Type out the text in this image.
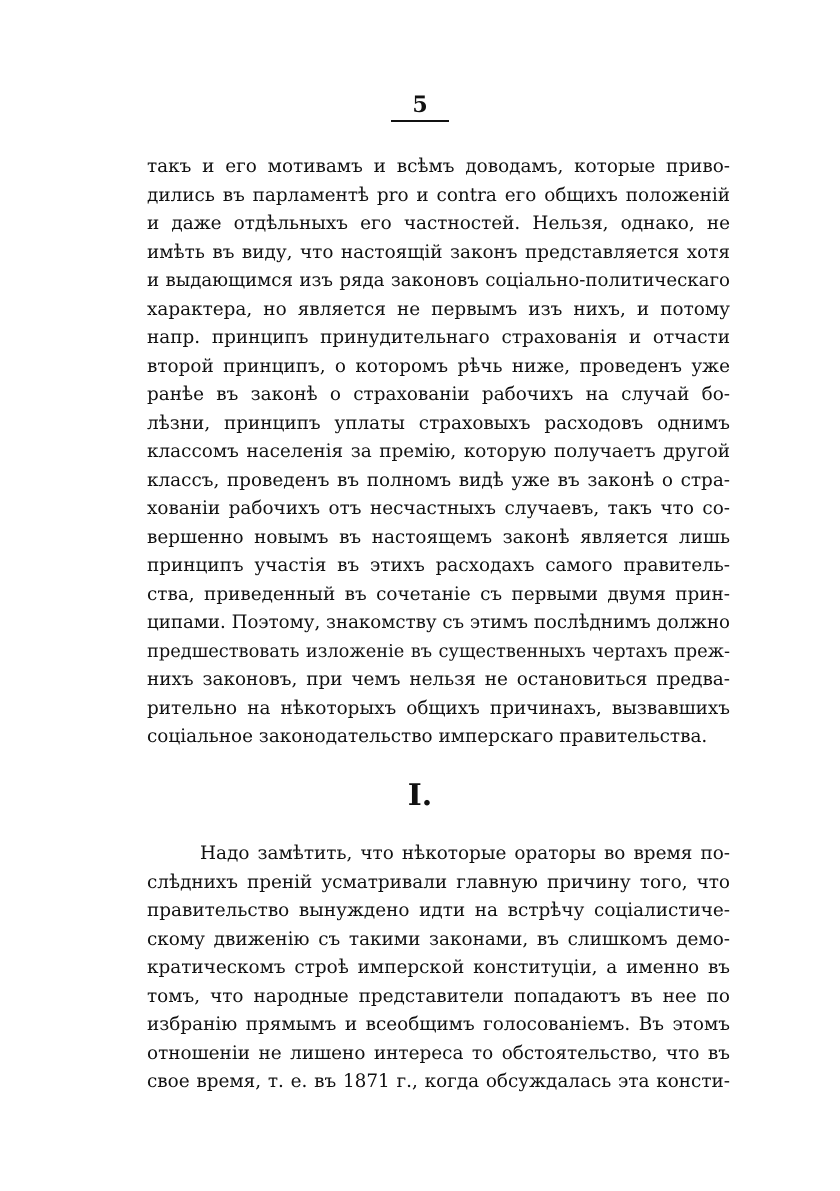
5
такъ и его мотивамъ и всѣмъ доводамъ, которые приво-
дились въ парламентѣ pro и contra его общихъ положеній
и даже отдѣльныхъ его частностей. Нельзя, однако, не
имѣть въ виду, что настоящій законъ представляется хотя
и выдающимся изъ ряда законовъ соціально-политическаго
характера, но является не первымъ изъ нихъ, и потому
напр. принципъ принудительнаго страхованія и отчасти
второй принципъ, о которомъ рѣчь ниже, проведенъ уже
ранѣе въ законѣ о страхованіи рабочихъ на случай бо-
лѣзни, принципъ уплаты страховыхъ расходовъ однимъ
классомъ населенія за премію, которую получаетъ другой
классъ, проведенъ въ полномъ видѣ уже въ законѣ о стра-
хованіи рабочихъ отъ несчастныхъ случаевъ, такъ что со-
вершенно новымъ въ настоящемъ законѣ является лишь
принципъ участія въ этихъ расходахъ самого правитель-
ства, приведенный въ сочетаніе съ первыми двумя прин-
ципами. Поэтому, знакомству съ этимъ послѣднимъ должно
предшествовать изложеніе въ существенныхъ чертахъ преж-
нихъ законовъ, при чемъ нельзя не остановиться предва-
рительно на нѣкоторыхъ общихъ причинахъ, вызвавшихъ
соціальное законодательство имперскаго правительства.
I.
Надо замѣтить, что нѣкоторые ораторы во время по-
слѣднихъ преній усматривали главную причину того, что
правительство вынуждено идти на встрѣчу соціалистиче-
скому движенію съ такими законами, въ слишкомъ демо-
кратическомъ строѣ имперской конституціи, а именно въ
томъ, что народные представители попадаютъ въ нее по
избранію прямымъ и всеобщимъ голосованіемъ. Въ этомъ
отношеніи не лишено интереса то обстоятельство, что въ
свое время, т. е. въ 1871 г., когда обсуждалась эта консти-
